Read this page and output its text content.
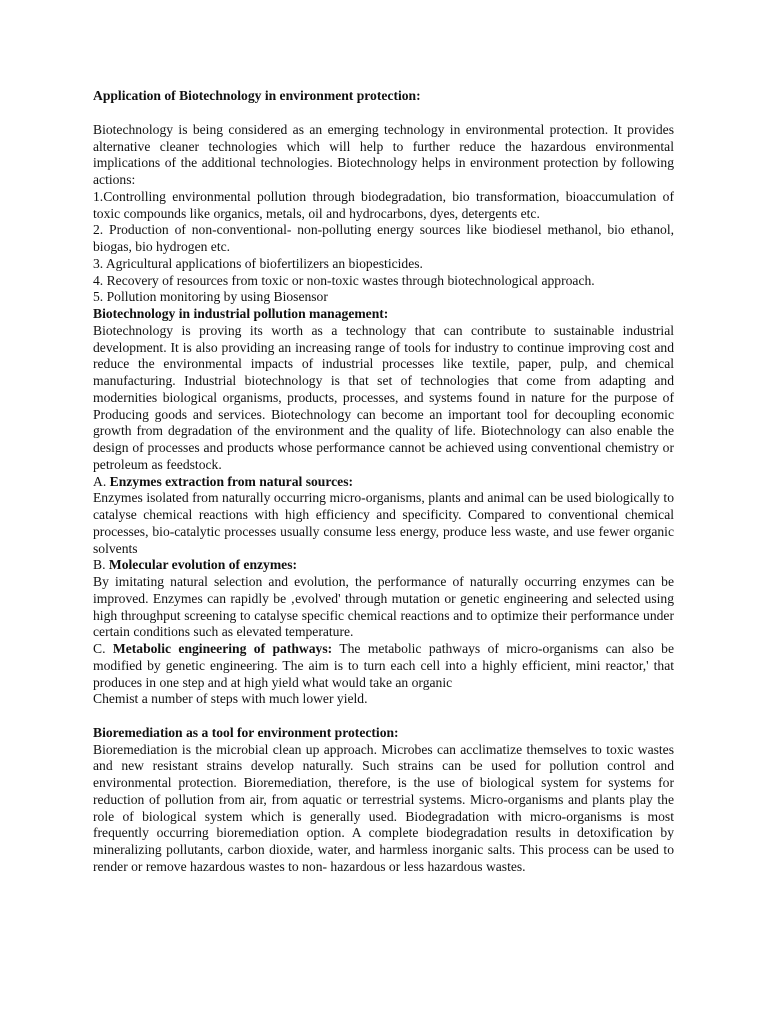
Application of Biotechnology in environment protection:

Biotechnology is being considered as an emerging technology in environmental protection. It provides alternative cleaner technologies which will help to further reduce the hazardous environmental implications of the additional technologies. Biotechnology helps in environment protection by following actions:

1.Controlling environmental pollution through biodegradation, bio transformation, bioaccumulation of toxic compounds like organics, metals, oil and hydrocarbons, dyes, detergents etc.

2. Production of non-conventional- non-polluting energy sources like biodiesel methanol, bio ethanol, biogas, bio hydrogen etc.

3. Agricultural applications of biofertilizers an biopesticides.

4. Recovery of resources from toxic or non-toxic wastes through biotechnological approach.

5. Pollution monitoring by using Biosensor

Biotechnology in industrial pollution management:

Biotechnology is proving its worth as a technology that can contribute to sustainable industrial development. It is also providing an increasing range of tools for industry to continue improving cost and reduce the environmental impacts of industrial processes like textile, paper, pulp, and chemical manufacturing. Industrial biotechnology is that set of technologies that come from adapting and modernities biological organisms, products, processes, and systems found in nature for the purpose of Producing goods and services. Biotechnology can become an important tool for decoupling economic growth from degradation of the environment and the quality of life. Biotechnology can also enable the design of processes and products whose performance cannot be achieved using conventional chemistry or petroleum as feedstock.

A. Enzymes extraction from natural sources:

Enzymes isolated from naturally occurring micro-organisms, plants and animal can be used biologically to catalyse chemical reactions with high efficiency and specificity. Compared to conventional chemical processes, bio-catalytic processes usually consume less energy, produce less waste, and use fewer organic solvents

B. Molecular evolution of enzymes:

By imitating natural selection and evolution, the performance of naturally occurring enzymes can be improved. Enzymes can rapidly be ‚evolved' through mutation or genetic engineering and selected using high throughput screening to catalyse specific chemical reactions and to optimize their performance under certain conditions such as elevated temperature.

C. Metabolic engineering of pathways: The metabolic pathways of micro-organisms can also be modified by genetic engineering. The aim is to turn each cell into a highly efficient, mini reactor,' that produces in one step and at high yield what would take an organic

Chemist a number of steps with much lower yield.

Bioremediation as a tool for environment protection:

Bioremediation is the microbial clean up approach. Microbes can acclimatize themselves to toxic wastes and new resistant strains develop naturally. Such strains can be used for pollution control and environmental protection. Bioremediation, therefore, is the use of biological system for systems for reduction of pollution from air, from aquatic or terrestrial systems. Micro-organisms and plants play the role of biological system which is generally used. Biodegradation with micro-organisms is most frequently occurring bioremediation option. A complete biodegradation results in detoxification by mineralizing pollutants, carbon dioxide, water, and harmless inorganic salts. This process can be used to render or remove hazardous wastes to non- hazardous or less hazardous wastes.
